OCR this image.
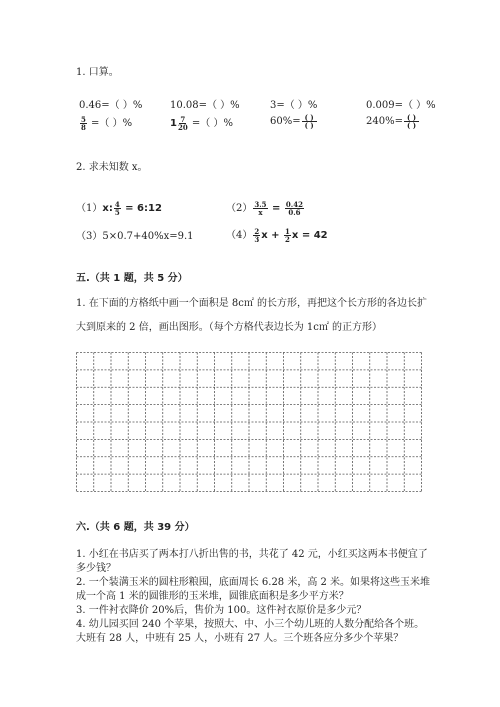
1. 口算。
0.46=（ ）%	10.08=（ ）%	3=（ ）%	0.009=（ ）%
$\frac{5}{8}$ =（ ）%	$1 \frac{7}{20}$ =（ ）%	$60\%= \frac{( )}{( )}$	$240\%= \frac{( )}{( )}$
2. 求未知数 x。
（1）x: $\frac{4}{5}$ = 6:12	$(2) \frac{3.5}{x} = \frac{0.42}{0.6}$
（3）5×0.7+40%x=9.1	$(4) \frac{2}{3}$ $x + \frac{1}{2}$ x = 42
五.（共 1 题，共 5 分）
1. 在下面的方格纸中画一个面积是 8c㎡ 的长方形，再把这个长方形的各边长扩
大到原来的 2 倍，画出图形。（每个方格代表边长为 1c㎡ 的正方形）
六.（共 6 题，共 39 分）
1. 小红在书店买了两本打八折出售的书，共花了 42 元，小红买这两本书便宜了
多少钱？
2. 一个装满玉米的圆柱形粮囤，底面周长 6.28 米，高 2 米。如果将这些玉米堆
成一个高 1 米的圆锥形的玉米堆，圆锥底面积是多少平方米？
3. 一件衬衣降价 20%后，售价为 100。这件衬衣原价是多少元？
4. 幼儿园买回 240 个苹果，按照大、中、小三个幼儿班的人数分配给各个班。
大班有 28 人，中班有 25 人，小班有 27 人。三个班各应分多少个苹果？
